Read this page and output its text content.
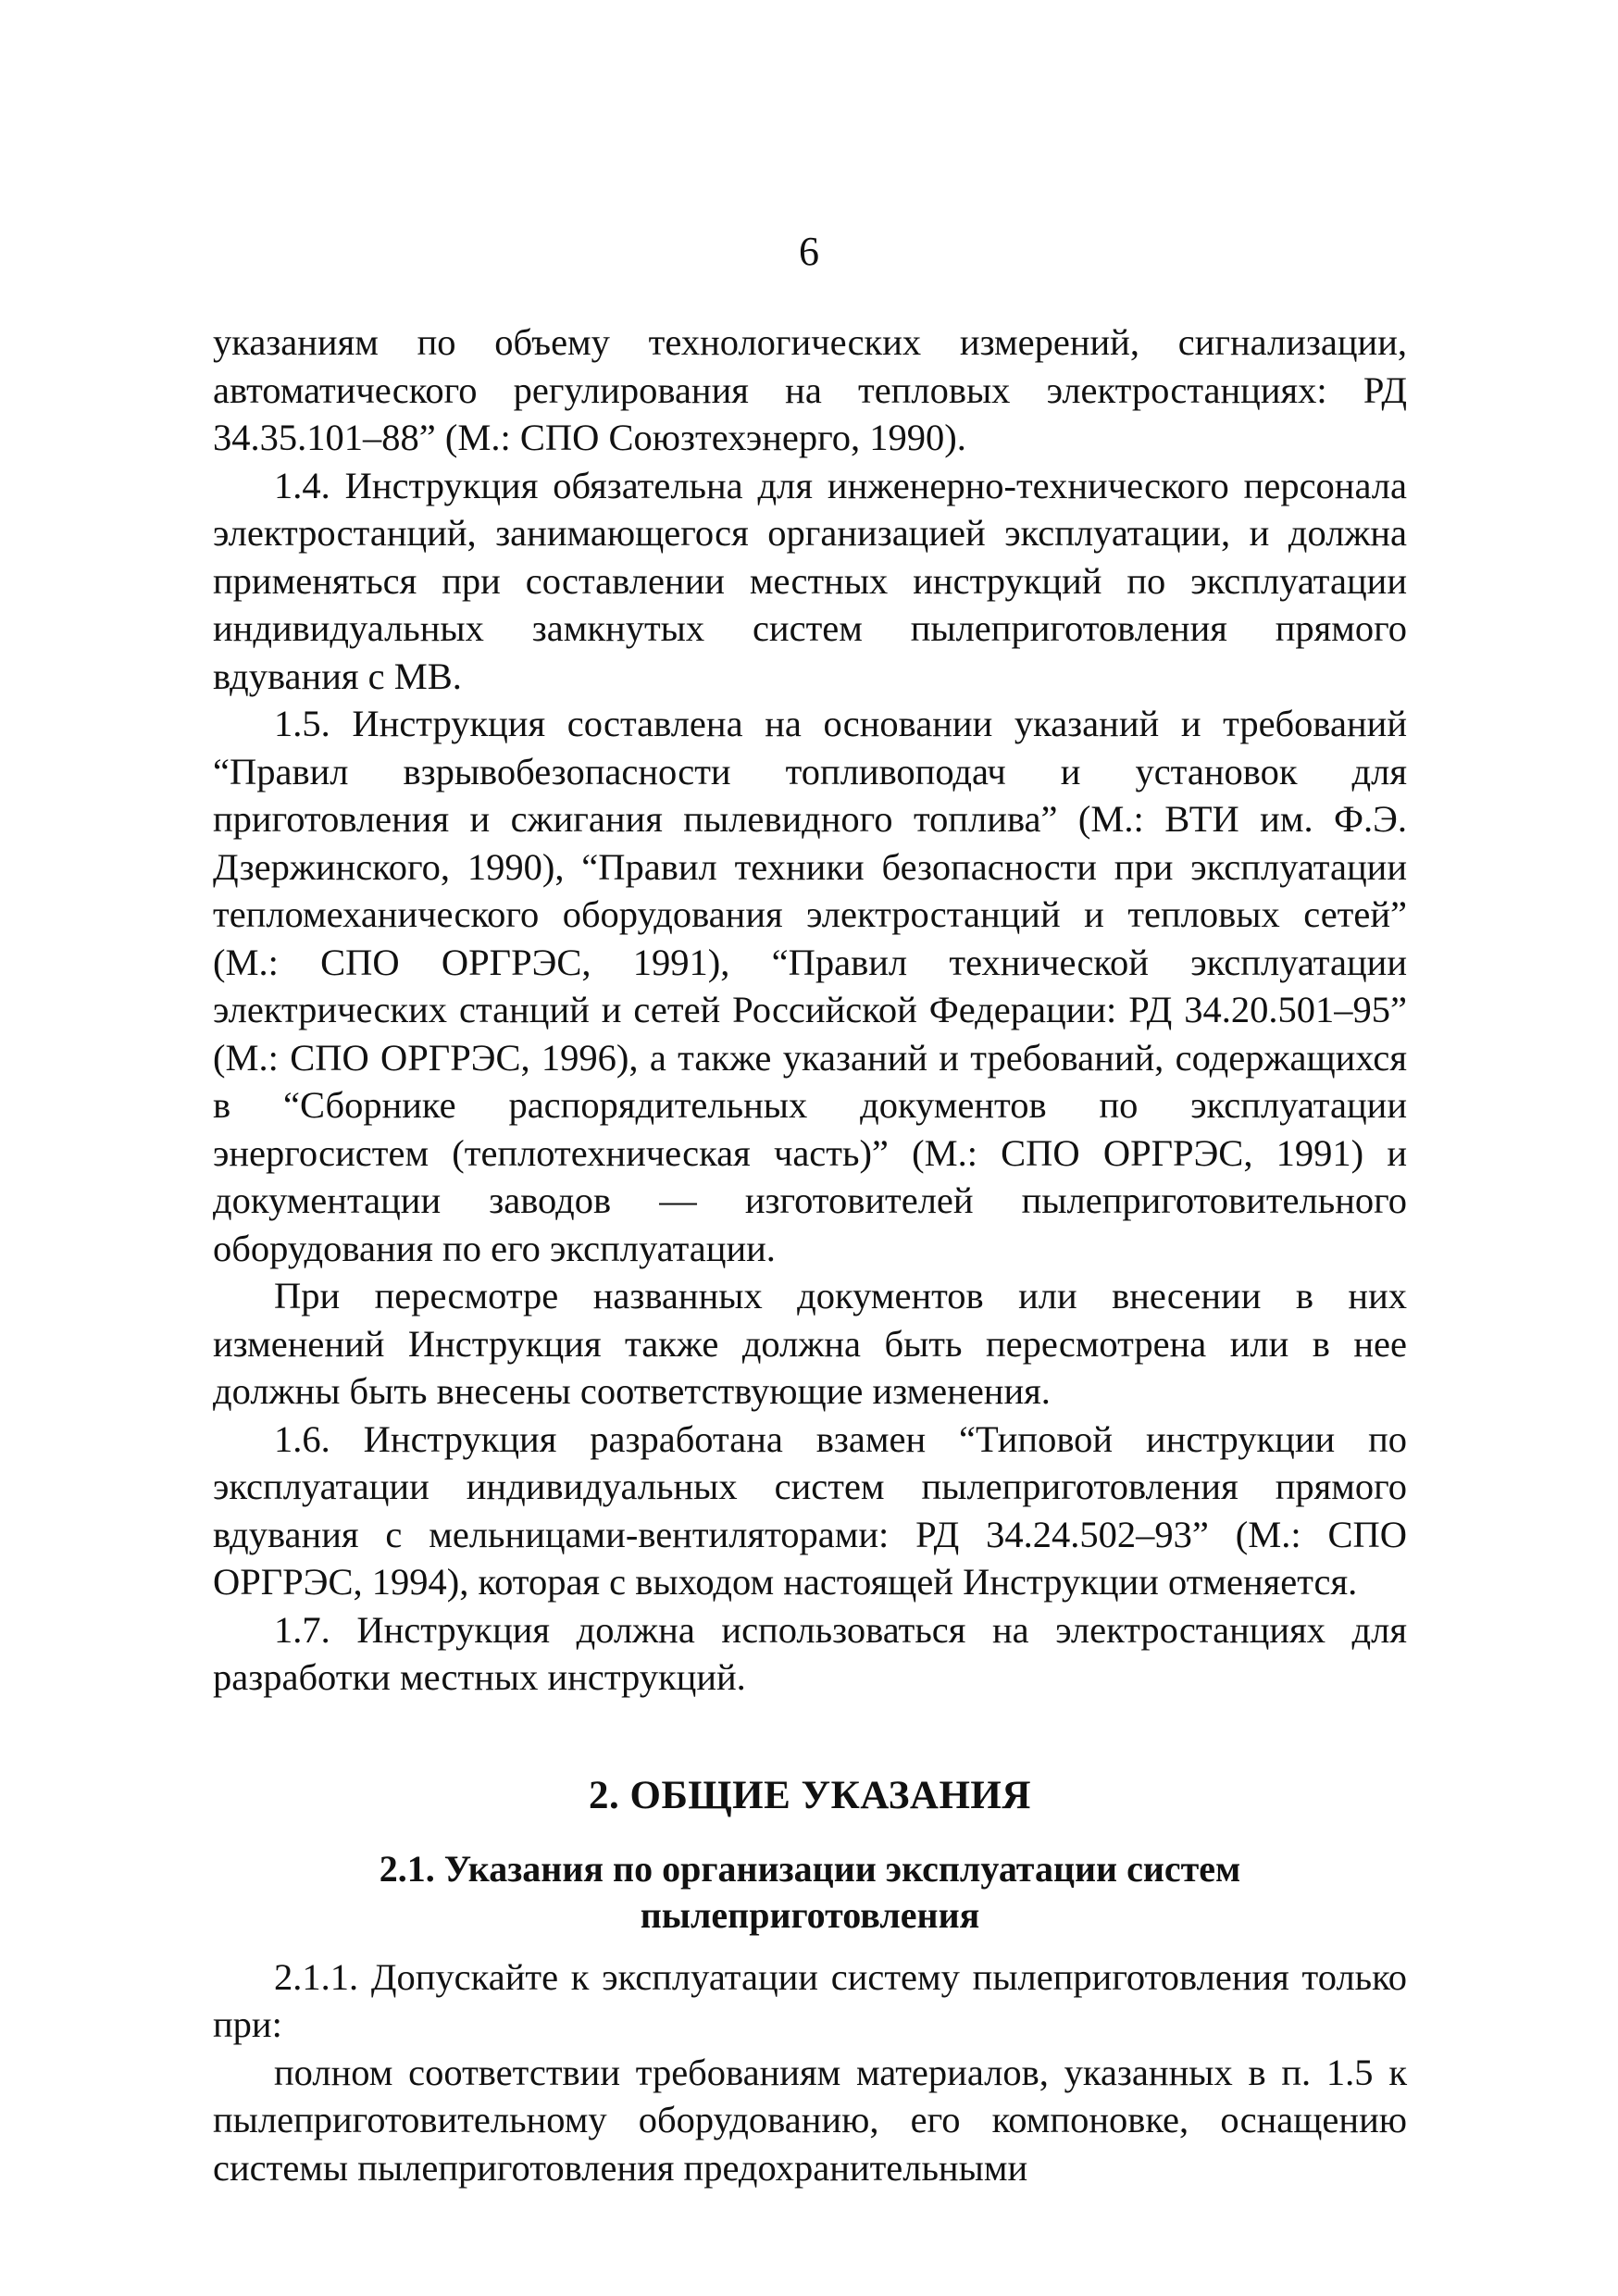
6

указаниям по объему технологических измерений, сигнализации, автоматического регулирования на тепловых электростанциях: РД 34.35.101–88” (М.: СПО Союзтехэнерго, 1990).

1.4. Инструкция обязательна для инженерно-технического персонала электростанций, занимающегося организацией эксплуатации, и должна применяться при составлении местных инструкций по эксплуатации индивидуальных замкнутых систем пылеприготовления прямого вдувания с МВ.

1.5. Инструкция составлена на основании указаний и требований “Правил взрывобезопасности топливоподач и установок для приготовления и сжигания пылевидного топлива” (М.: ВТИ им. Ф.Э. Дзержинского, 1990), “Правил техники безопасности при эксплуатации тепломеханического оборудования электростанций и тепловых сетей” (М.: СПО ОРГРЭС, 1991), “Правил технической эксплуатации электрических станций и сетей Российской Федерации: РД 34.20.501–95” (М.: СПО ОРГРЭС, 1996), а также указаний и требований, содержащихся в “Сборнике распорядительных документов по эксплуатации энергосистем (теплотехническая часть)” (М.: СПО ОРГРЭС, 1991) и документации заводов — изготовителей пылеприготовительного оборудования по его эксплуатации.

При пересмотре названных документов или внесении в них изменений Инструкция также должна быть пересмотрена или в нее должны быть внесены соответствующие изменения.

1.6. Инструкция разработана взамен “Типовой инструкции по эксплуатации индивидуальных систем пылеприготовления прямого вдувания с мельницами-вентиляторами: РД 34.24.502–93” (М.: СПО ОРГРЭС, 1994), которая с выходом настоящей Инструкции отменяется.

1.7. Инструкция должна использоваться на электростанциях для разработки местных инструкций.

2. ОБЩИЕ УКАЗАНИЯ
2.1. Указания по организации эксплуатации систем пылеприготовления

2.1.1. Допускайте к эксплуатации систему пылеприготовления только при:

полном соответствии требованиям материалов, указанных в п. 1.5 к пылеприготовительному оборудованию, его компоновке, оснащению системы пылеприготовления предохранительными
